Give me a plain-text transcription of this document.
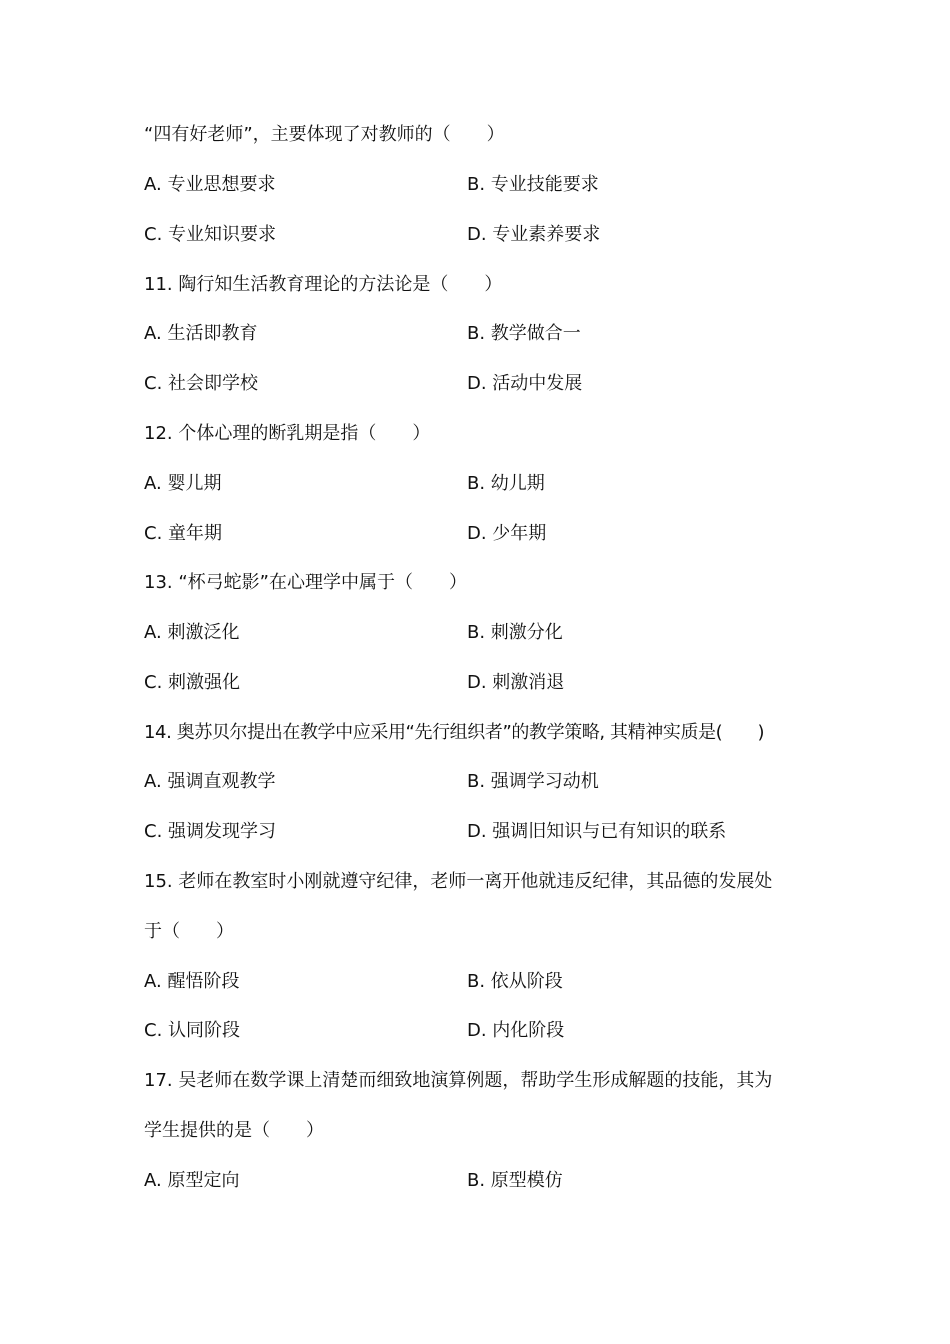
“四有好老师”，主要体现了对教师的（　　）
A. 专业思想要求	B. 专业技能要求
C. 专业知识要求	D. 专业素养要求
11. 陶行知生活教育理论的方法论是（　　）
A. 生活即教育	B. 教学做合一
C. 社会即学校	D. 活动中发展
12. 个体心理的断乳期是指（　　）
A. 婴儿期	B. 幼儿期
C. 童年期	D. 少年期
13. “杯弓蛇影”在心理学中属于（　　）
A. 刺激泛化	B. 刺激分化
C. 刺激强化	D. 刺激消退
14. 奥苏贝尔提出在教学中应采用“先行组织者”的教学策略, 其精神实质是(　　)
A. 强调直观教学	B. 强调学习动机
C. 强调发现学习	D. 强调旧知识与已有知识的联系
15. 老师在教室时小刚就遵守纪律，老师一离开他就违反纪律，其品德的发展处
于（　　）
A. 醒悟阶段	B. 依从阶段
C. 认同阶段	D. 内化阶段
17. 吴老师在数学课上清楚而细致地演算例题，帮助学生形成解题的技能，其为
学生提供的是（　　）
A. 原型定向	B. 原型模仿
